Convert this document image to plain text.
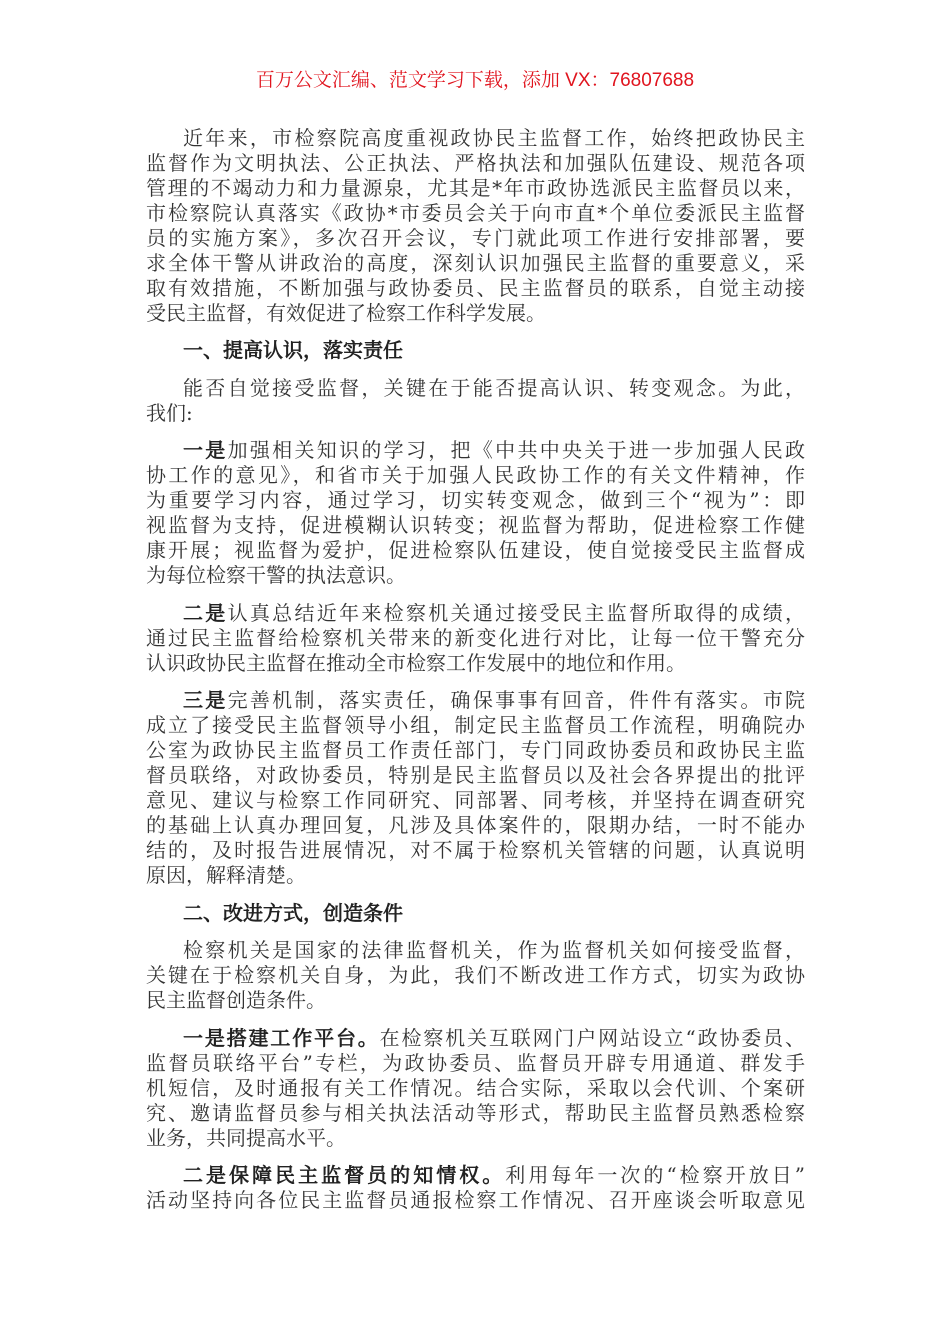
百万公文汇编、范文学习下载，添加 VX：76807688
近年来，市检察院高度重视政协民主监督工作，始终把政协民主
监督作为文明执法、公正执法、严格执法和加强队伍建设、规范各项
管理的不竭动力和力量源泉，尤其是*年市政协选派民主监督员以来，
市检察院认真落实《政协*市委员会关于向市直*个单位委派民主监督
员的实施方案》，多次召开会议，专门就此项工作进行安排部署，要
求全体干警从讲政治的高度，深刻认识加强民主监督的重要意义，采
取有效措施，不断加强与政协委员、民主监督员的联系，自觉主动接
受民主监督，有效促进了检察工作科学发展。
一、提高认识，落实责任
能否自觉接受监督，关键在于能否提高认识、转变观念。为此，
我们:
一是加强相关知识的学习，把《中共中央关于进一步加强人民政
协工作的意见》，和省市关于加强人民政协工作的有关文件精神，作
为重要学习内容，通过学习，切实转变观念，做到三个“视为”：即
视监督为支持，促进模糊认识转变；视监督为帮助，促进检察工作健
康开展；视监督为爱护，促进检察队伍建设，使自觉接受民主监督成
为每位检察干警的执法意识。
二是认真总结近年来检察机关通过接受民主监督所取得的成绩，
通过民主监督给检察机关带来的新变化进行对比，让每一位干警充分
认识政协民主监督在推动全市检察工作发展中的地位和作用。
三是完善机制，落实责任，确保事事有回音，件件有落实。市院
成立了接受民主监督领导小组，制定民主监督员工作流程，明确院办
公室为政协民主监督员工作责任部门，专门同政协委员和政协民主监
督员联络，对政协委员，特别是民主监督员以及社会各界提出的批评
意见、建议与检察工作同研究、同部署、同考核，并坚持在调查研究
的基础上认真办理回复，凡涉及具体案件的，限期办结，一时不能办
结的，及时报告进展情况，对不属于检察机关管辖的问题，认真说明
原因，解释清楚。
二、改进方式，创造条件
检察机关是国家的法律监督机关，作为监督机关如何接受监督，
关键在于检察机关自身，为此，我们不断改进工作方式，切实为政协
民主监督创造条件。
一是搭建工作平台。在检察机关互联网门户网站设立“政协委员、
监督员联络平台”专栏，为政协委员、监督员开辟专用通道、群发手
机短信，及时通报有关工作情况。结合实际，采取以会代训、个案研
究、邀请监督员参与相关执法活动等形式，帮助民主监督员熟悉检察
业务，共同提高水平。
二是保障民主监督员的知情权。利用每年一次的“检察开放日”
活动坚持向各位民主监督员通报检察工作情况、召开座谈会听取意见
